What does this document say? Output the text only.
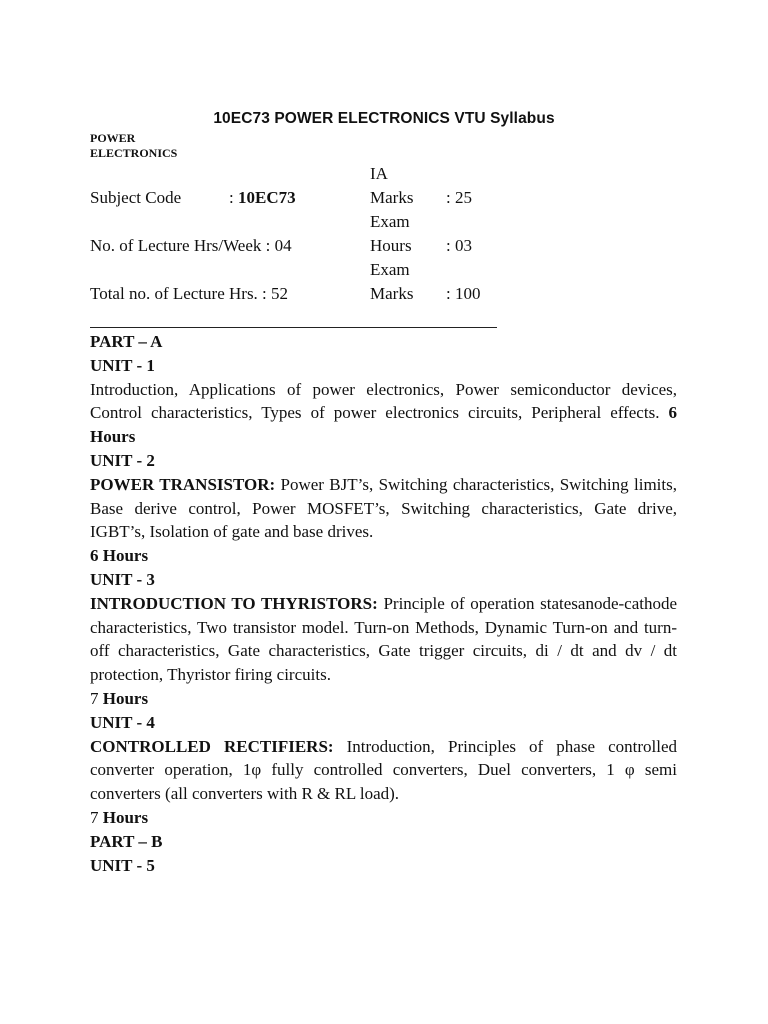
10EC73 POWER ELECTRONICS VTU Syllabus
POWER
ELECTRONICS
Subject Code	: 10EC73
No. of Lecture Hrs/Week : 04
Total no. of Lecture Hrs. : 52
IA
Marks : 25
Exam
Hours : 03
Exam
Marks : 100

PART – A

UNIT - 1

Introduction, Applications of power electronics, Power semiconductor devices, Control characteristics, Types of power electronics circuits, Peripheral effects. 6 Hours

UNIT - 2

POWER TRANSISTOR: Power BJT’s, Switching characteristics, Switching limits, Base derive control, Power MOSFET’s, Switching characteristics, Gate drive, IGBT’s, Isolation of gate and base drives.

6 Hours

UNIT - 3

INTRODUCTION TO THYRISTORS: Principle of operation statesanode-cathode characteristics, Two transistor model. Turn-on Methods, Dynamic Turn-on and turn-off characteristics, Gate characteristics, Gate trigger circuits, di / dt and dv / dt protection, Thyristor firing circuits.

7 Hours

UNIT - 4

CONTROLLED RECTIFIERS: Introduction, Principles of phase controlled converter operation, 1φ fully controlled converters, Duel converters, 1 φ semi converters (all converters with R & RL load).

7 Hours

PART – B

UNIT - 5
